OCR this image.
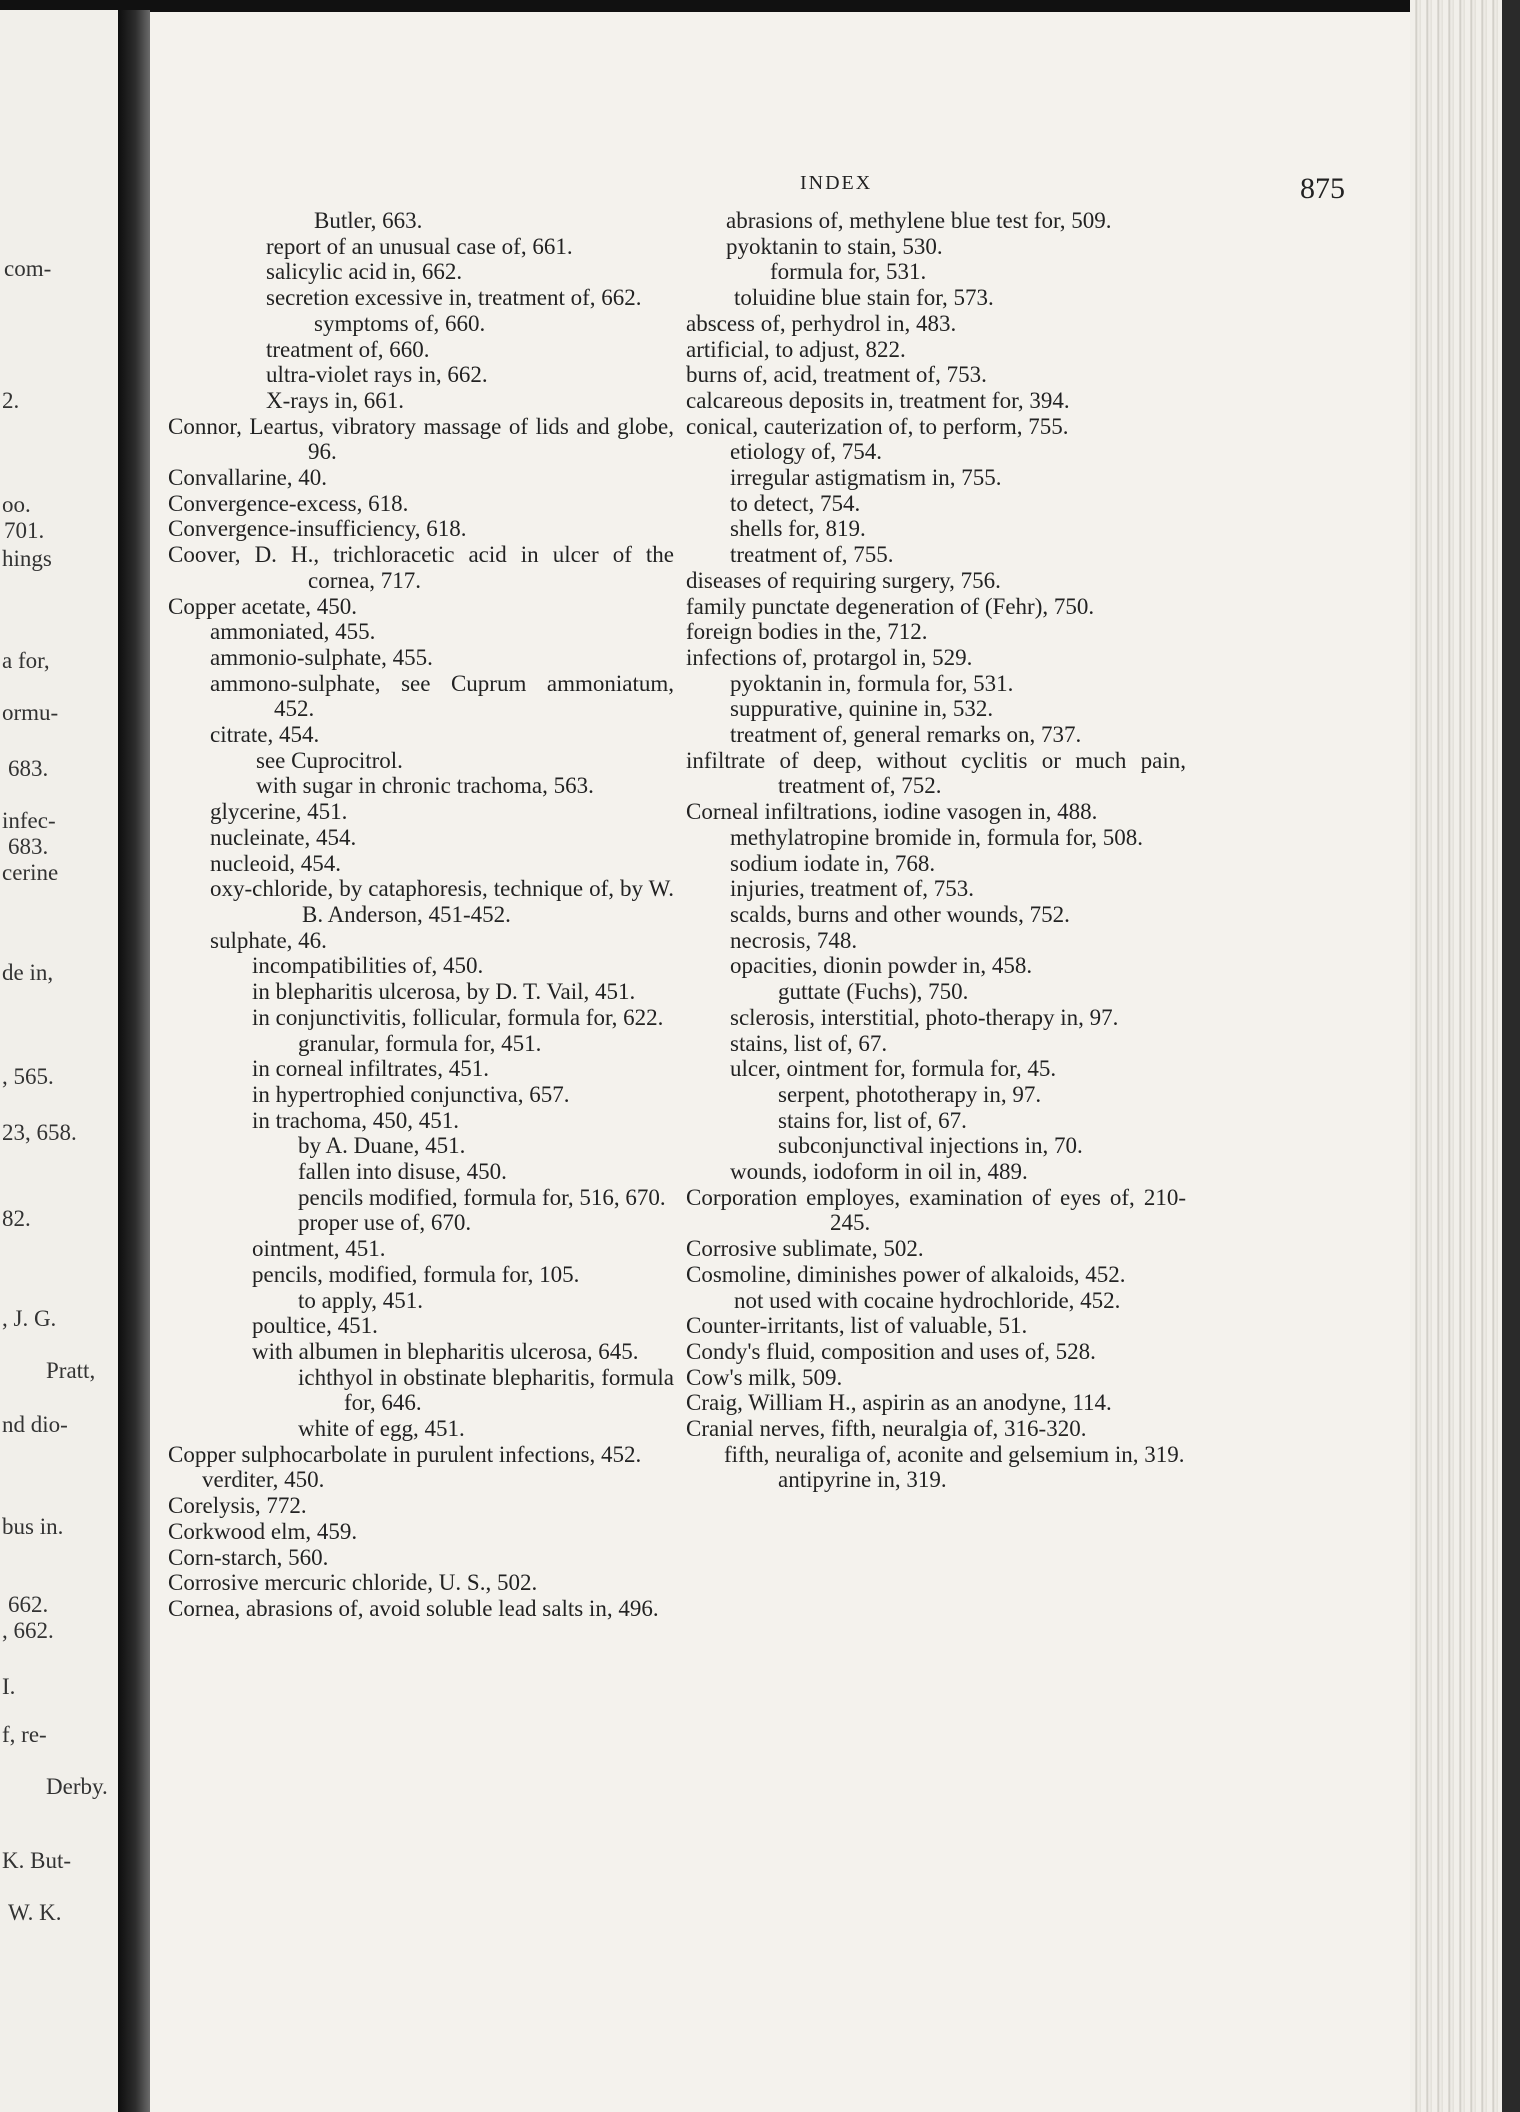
com-
2.
oo.
701.
hings
a for,
ormu-
683.
infec-
683.
cerine
de in,
, 565.
23, 658.
82.
, J. G.
Pratt,
nd dio-
bus in.
662.
, 662.
I.
f, re-
Derby.
K. But-
W. K.
INDEX	875
Butler, 663.
report of an unusual case of, 661.
salicylic acid in, 662.
secretion excessive in, treatment of, 662.
symptoms of, 660.
treatment of, 660.
ultra-violet rays in, 662.
X-rays in, 661.
Connor, Leartus, vibratory massage of lids and globe, 96.
Convallarine, 40.
Convergence-excess, 618.
Convergence-insufficiency, 618.
Coover, D. H., trichloracetic acid in ulcer of the cornea, 717.
Copper acetate, 450.
ammoniated, 455.
ammonio-sulphate, 455.
ammono-sulphate, see Cuprum ammoniatum, 452.
citrate, 454.
see Cuprocitrol.
with sugar in chronic trachoma, 563.
glycerine, 451.
nucleinate, 454.
nucleoid, 454.
oxy-chloride, by cataphoresis, technique of, by W. B. Anderson, 451-452.
sulphate, 46.
incompatibilities of, 450.
in blepharitis ulcerosa, by D. T. Vail, 451.
in conjunctivitis, follicular, formula for, 622.
granular, formula for, 451.
in corneal infiltrates, 451.
in hypertrophied conjunctiva, 657.
in trachoma, 450, 451.
by A. Duane, 451.
fallen into disuse, 450.
pencils modified, formula for, 516, 670.
proper use of, 670.
ointment, 451.
pencils, modified, formula for, 105.
to apply, 451.
poultice, 451.
with albumen in blepharitis ulcerosa, 645.
ichthyol in obstinate blepharitis, formula for, 646.
white of egg, 451.
Copper sulphocarbolate in purulent infections, 452.
verditer, 450.
Corelysis, 772.
Corkwood elm, 459.
Corn-starch, 560.
Corrosive mercuric chloride, U. S., 502.
Cornea, abrasions of, avoid soluble lead salts in, 496.
abrasions of, methylene blue test for, 509.
pyoktanin to stain, 530.
formula for, 531.
toluidine blue stain for, 573.
abscess of, perhydrol in, 483.
artificial, to adjust, 822.
burns of, acid, treatment of, 753.
calcareous deposits in, treatment for, 394.
conical, cauterization of, to perform, 755.
etiology of, 754.
irregular astigmatism in, 755.
to detect, 754.
shells for, 819.
treatment of, 755.
diseases of requiring surgery, 756.
family punctate degeneration of (Fehr), 750.
foreign bodies in the, 712.
infections of, protargol in, 529.
pyoktanin in, formula for, 531.
suppurative, quinine in, 532.
treatment of, general remarks on, 737.
infiltrate of deep, without cyclitis or much pain, treatment of, 752.
Corneal infiltrations, iodine vasogen in, 488.
methylatropine bromide in, formula for, 508.
sodium iodate in, 768.
injuries, treatment of, 753.
scalds, burns and other wounds, 752.
necrosis, 748.
opacities, dionin powder in, 458.
guttate (Fuchs), 750.
sclerosis, interstitial, photo-therapy in, 97.
stains, list of, 67.
ulcer, ointment for, formula for, 45.
serpent, phototherapy in, 97.
stains for, list of, 67.
subconjunctival injections in, 70.
wounds, iodoform in oil in, 489.
Corporation employes, examination of eyes of, 210-245.
Corrosive sublimate, 502.
Cosmoline, diminishes power of alkaloids, 452.
not used with cocaine hydrochloride, 452.
Counter-irritants, list of valuable, 51.
Condy's fluid, composition and uses of, 528.
Cow's milk, 509.
Craig, William H., aspirin as an anodyne, 114.
Cranial nerves, fifth, neuralgia of, 316-320.
fifth, neuraliga of, aconite and gelsemium in, 319.
antipyrine in, 319.
